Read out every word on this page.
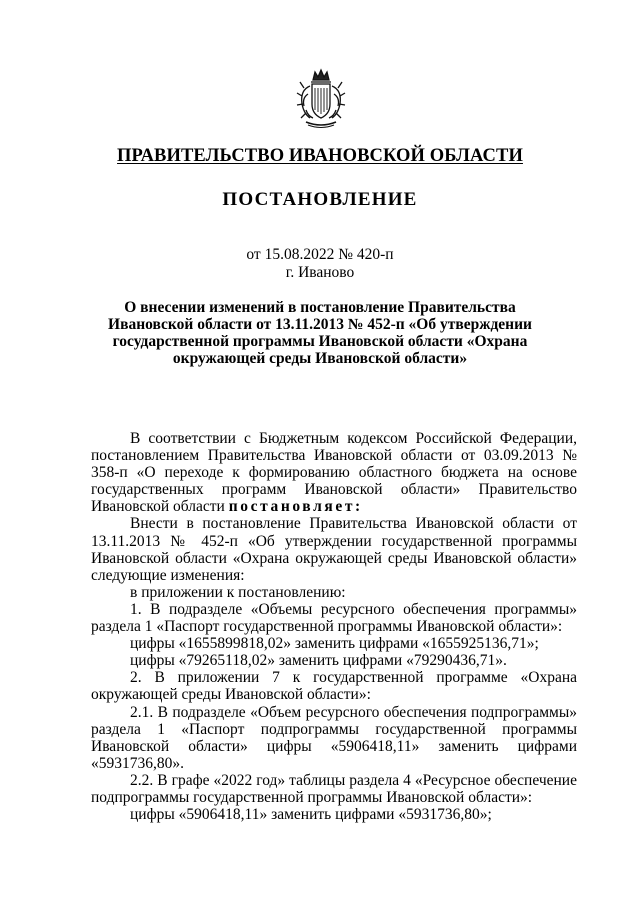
ПРАВИТЕЛЬСТВО ИВАНОВСКОЙ ОБЛАСТИ
ПОСТАНОВЛЕНИЕ
от 15.08.2022 № 420-п
г. Иваново
О внесении изменений в постановление Правительства
Ивановской области от 13.11.2013 № 452-п «Об утверждении
государственной программы Ивановской области «Охрана
окружающей среды Ивановской области»

В соответствии с Бюджетным кодексом Российской Федерации, постановлением Правительства Ивановской области от 03.09.2013 № 358-п «О переходе к формированию областного бюджета на основе государственных программ Ивановской области» Правительство Ивановской области постановляет:

Внести в постановление Правительства Ивановской области от 13.11.2013 № 452-п «Об утверждении государственной программы Ивановской области «Охрана окружающей среды Ивановской области» следующие изменения:

в приложении к постановлению:

1. В подразделе «Объемы ресурсного обеспечения программы» раздела 1 «Паспорт государственной программы Ивановской области»:

цифры «1655899818,02» заменить цифрами «1655925136,71»;

цифры «79265118,02» заменить цифрами «79290436,71».

2. В приложении 7 к государственной программе «Охрана окружающей среды Ивановской области»:

2.1. В подразделе «Объем ресурсного обеспечения подпрограммы» раздела 1 «Паспорт подпрограммы государственной программы Ивановской области» цифры «5906418,11» заменить цифрами «5931736,80».

2.2. В графе «2022 год» таблицы раздела 4 «Ресурсное обеспечение подпрограммы государственной программы Ивановской области»:

цифры «5906418,11» заменить цифрами «5931736,80»;
